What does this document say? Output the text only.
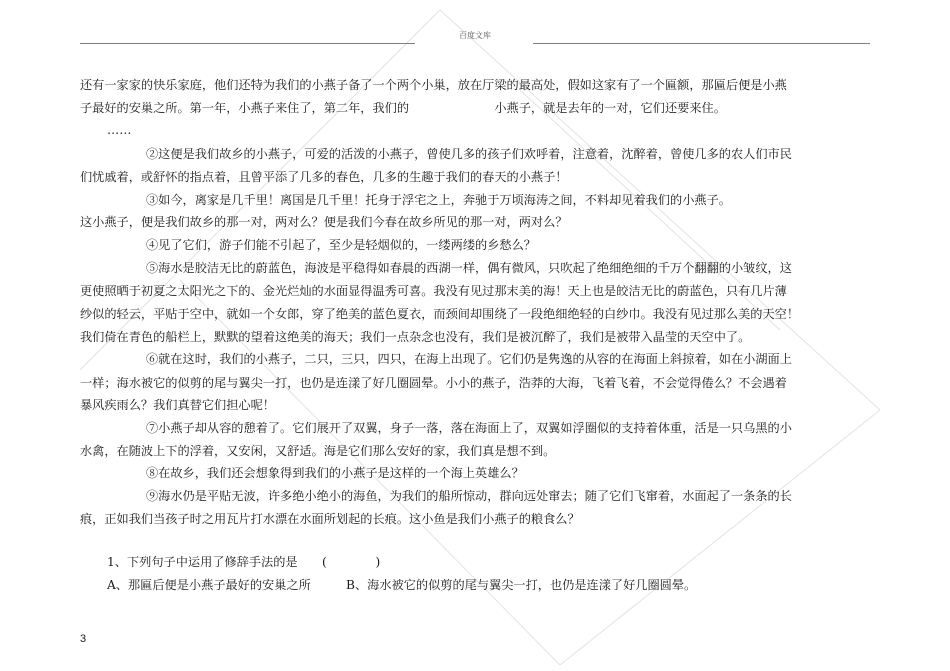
百度文库
还有一家家的快乐家庭，他们还特为我们的小燕子备了一个两个小巢，放在厅梁的最高处，假如这家有了一个匾额，那匾后便是小燕
子最好的安巢之所。第一年，小燕子来住了，第二年，我们的　　　　　　　小燕子，就是去年的一对，它们还要来住。
……
②这便是我们故乡的小燕子，可爱的活泼的小燕子，曾使几多的孩子们欢呼着，注意着，沈醉着，曾使几多的农人们市民
们忧戚着，或舒怀的指点着，且曾平添了几多的春色，几多的生趣于我们的春天的小燕子！
③如今，离家是几千里！离国是几千里！托身于浮宅之上，奔驰于万顷海涛之间，不料却见着我们的小燕子。
这小燕子，便是我们故乡的那一对，两对么？便是我们今春在故乡所见的那一对，两对么？
④见了它们，游子们能不引起了，至少是轻烟似的，一缕两缕的乡愁么？
⑤海水是胶洁无比的蔚蓝色，海波是平稳得如春晨的西湖一样，偶有微风，只吹起了绝细绝细的千万个翻翻的小皱纹，这
更使照晒于初夏之太阳光之下的、金光烂灿的水面显得温秀可喜。我没有见过那末美的海！天上也是皎洁无比的蔚蓝色，只有几片薄
纱似的轻云，平贴于空中，就如一个女郎，穿了绝美的蓝色夏衣，而颈间却围绕了一段绝细绝轻的白纱巾。我没有见过那么美的天空！
我们倚在青色的船栏上，默默的望着这绝美的海天；我们一点杂念也没有，我们是被沉醉了，我们是被带入晶莹的天空中了。
⑥就在这时，我们的小燕子，二只，三只，四只，在海上出现了。它们仍是隽逸的从容的在海面上斜掠着，如在小湖面上
一样；海水被它的似剪的尾与翼尖一打，也仍是连漾了好几圈圆晕。小小的燕子，浩莽的大海，飞着飞着，不会觉得倦么？不会遇着
暴风疾雨么？我们真替它们担心呢！
⑦小燕子却从容的憩着了。它们展开了双翼，身子一落，落在海面上了，双翼如浮圈似的支持着体重，活是一只乌黑的小
水禽，在随波上下的浮着，又安闲，又舒适。海是它们那么安好的家，我们真是想不到。
⑧在故乡，我们还会想象得到我们的小燕子是这样的一个海上英雄么？
⑨海水仍是平贴无波，许多绝小绝小的海鱼，为我们的船所惊动，群向远处窜去；随了它们飞窜着，水面起了一条条的长
痕，正如我们当孩子时之用瓦片打水漂在水面所划起的长痕。这小鱼是我们小燕子的粮食么？
1、下列句子中运用了修辞手法的是　　(　　　　)
A、那匾后便是小燕子最好的安巢之所	B、海水被它的似剪的尾与翼尖一打，也仍是连漾了好几圈圆晕。
3
